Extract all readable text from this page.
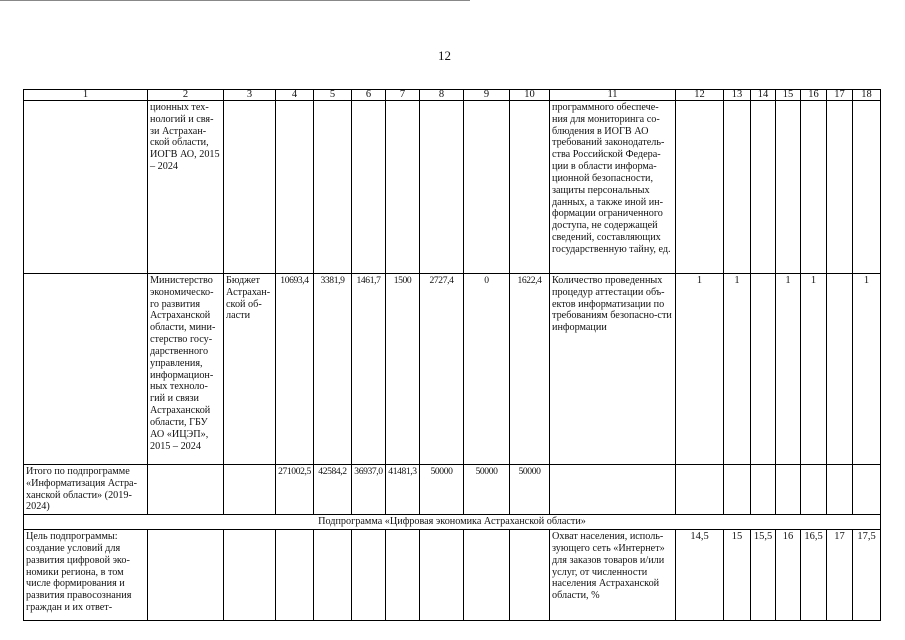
12
1	2	3	4	5	6	7	8	9	10	11	12	13	14	15	16	17	18
	ционных тех-нологий и свя-зи Астрахан-ской области, ИОГВ АО, 2015 – 2024									программного обеспече-ния для мониторинга со-блюдения в ИОГВ АО требований законодатель-ства Российской Федера-ции в области информа-ционной безопасности, защиты персональных данных, а также иной ин-формации ограниченного доступа, не содержащей сведений, составляющих государственную тайну, ед.							
	Министерство экономическо-го развития Астраханской области, мини-стерство госу-дарственного управления, информацион-ных техноло-гий и связи Астраханской области, ГБУ АО «ИЦЭП», 2015 – 2024	Бюджет Астрахан-ской об-ласти	10693,4	3381,9	1461,7	1500	2727,4	0	1622,4	Количество проведенных процедур аттестации объ-ектов информатизации по требованиям безопасно-сти информации	1	1		1	1		1
Итого по подпрограмме «Информатизация Астра-ханской области» (2019-2024)			271002,5	42584,2	36937,0	41481,3	50000	50000	50000								
Подпрограмма «Цифровая экономика Астраханской области»																	
Цель подпрограммы: создание условий для развития цифровой эко-номики региона, в том числе формирования и развития правосознания граждан и их ответ-										Охват населения, исполь-зующего сеть «Интернет» для заказов товаров и/или услуг, от численности населения Астраханской области, %	14,5	15	15,5	16	16,5	17	17,5
